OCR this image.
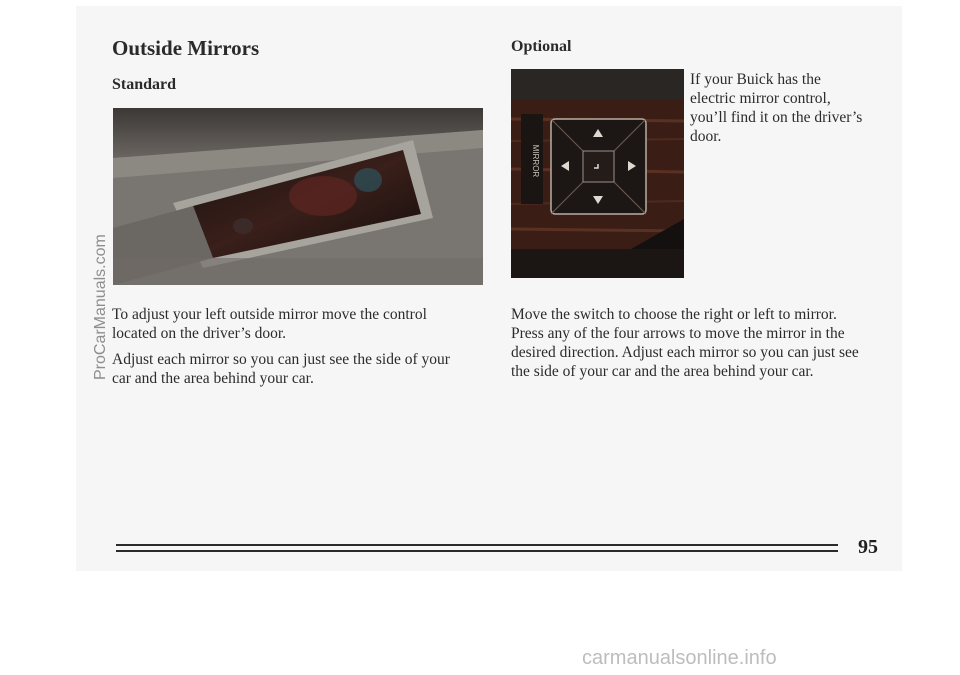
Outside Mirrors
Standard
Optional
MIRROR

If your Buick has the
electric mirror control,
you’ll find it on the driver’s
door.

To adjust your left outside mirror move the control
located on the driver’s door.

Adjust each mirror so you can just see the side of your
car and the area behind your car.

Move the switch to choose the right or left to mirror.
Press any of the four arrows to move the mirror in the
desired direction. Adjust each mirror so you can just see
the side of your car and the area behind your car.

95
ProCarManuals.com
carmanualsonline.info
